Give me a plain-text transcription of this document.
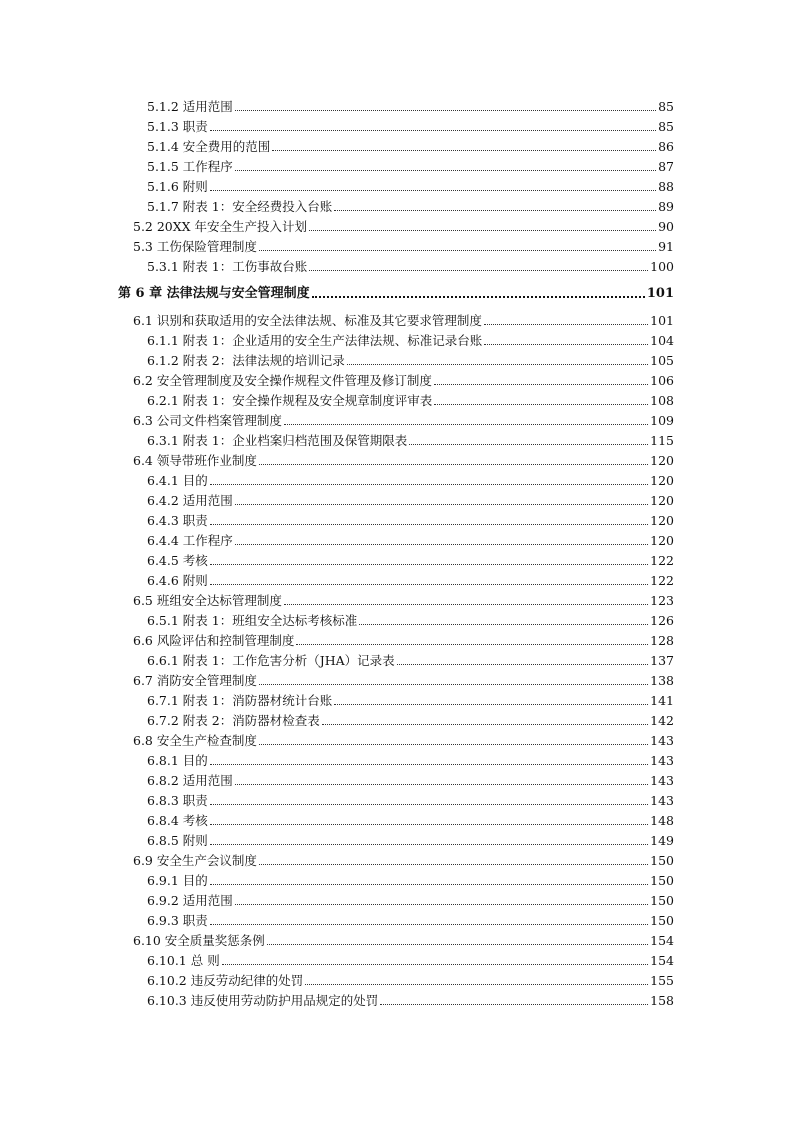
5.1.2 适用范围	85
5.1.3 职责	85
5.1.4 安全费用的范围	86
5.1.5 工作程序	87
5.1.6 附则	88
5.1.7 附表 1：安全经费投入台账	89
5.2 20XX 年安全生产投入计划	90
5.3 工伤保险管理制度	91
5.3.1 附表 1：工伤事故台账	100
第 6 章 法律法规与安全管理制度	101
6.1 识别和获取适用的安全法律法规、标准及其它要求管理制度	101
6.1.1 附表 1：企业适用的安全生产法律法规、标准记录台账	104
6.1.2 附表 2：法律法规的培训记录	105
6.2 安全管理制度及安全操作规程文件管理及修订制度	106
6.2.1 附表 1：安全操作规程及安全规章制度评审表	108
6.3 公司文件档案管理制度	109
6.3.1 附表 1：企业档案归档范围及保管期限表	115
6.4 领导带班作业制度	120
6.4.1 目的	120
6.4.2 适用范围	120
6.4.3 职责	120
6.4.4 工作程序	120
6.4.5 考核	122
6.4.6 附则	122
6.5 班组安全达标管理制度	123
6.5.1 附表 1：班组安全达标考核标准	126
6.6 风险评估和控制管理制度	128
6.6.1 附表 1：工作危害分析（JHA）记录表	137
6.7 消防安全管理制度	138
6.7.1 附表 1：消防器材统计台账	141
6.7.2 附表 2：消防器材检查表	142
6.8 安全生产检查制度	143
6.8.1 目的	143
6.8.2 适用范围	143
6.8.3 职责	143
6.8.4 考核	148
6.8.5 附则	149
6.9 安全生产会议制度	150
6.9.1 目的	150
6.9.2 适用范围	150
6.9.3 职责	150
6.10 安全质量奖惩条例	154
6.10.1 总 则	154
6.10.2 违反劳动纪律的处罚	155
6.10.3 违反使用劳动防护用品规定的处罚	158
